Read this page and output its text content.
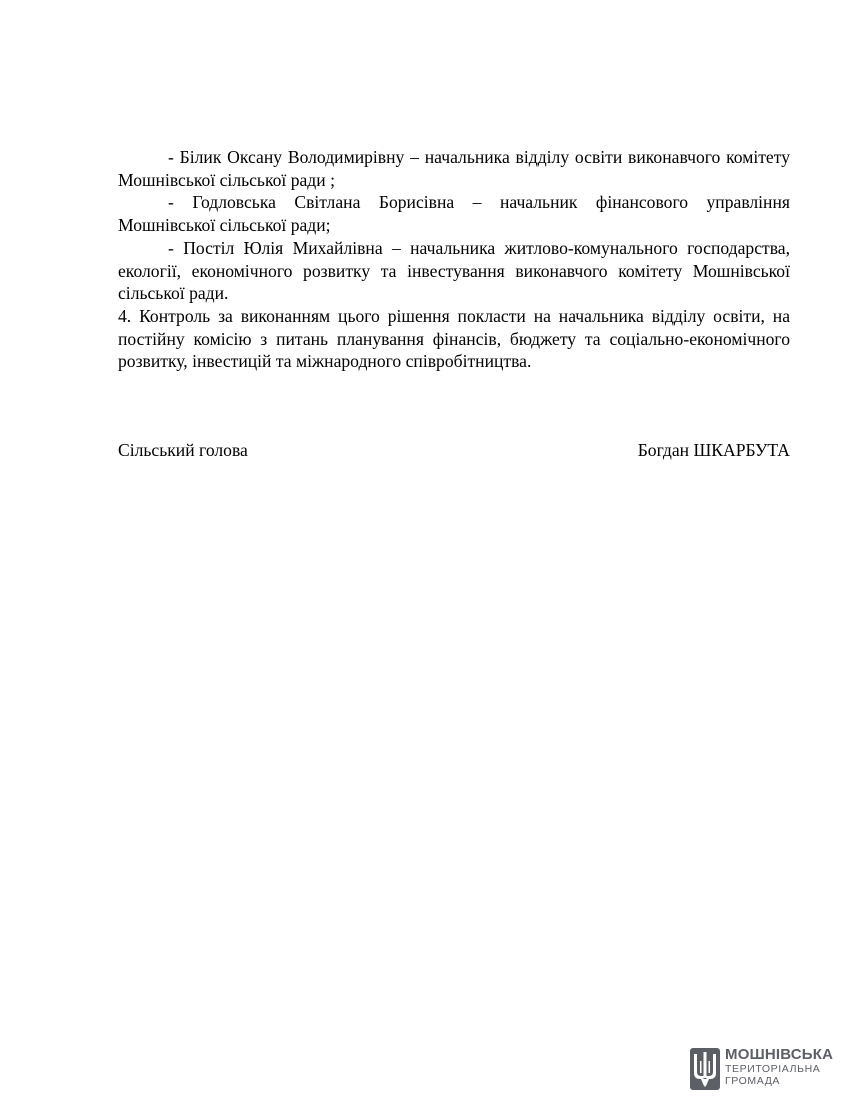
- Білик Оксану Володимирівну – начальника відділу освіти виконавчого комітету Мошнівської сільської ради ;

- Годловська Світлана Борисівна – начальник фінансового управління Мошнівської сільської ради;

- Постіл Юлія Михайлівна – начальника житлово-комунального господарства, екології, економічного розвитку та інвестування виконавчого комітету Мошнівської сільської ради.

4. Контроль за виконанням цього рішення покласти на начальника відділу освіти, на постійну комісію з питань планування фінансів, бюджету та соціально-економічного розвитку, інвестицій та міжнародного співробітництва.

Сільський голова	Богдан ШКАРБУТА
МОШНІВСЬКА
ТЕРИТОРІАЛЬНА
ГРОМАДА
